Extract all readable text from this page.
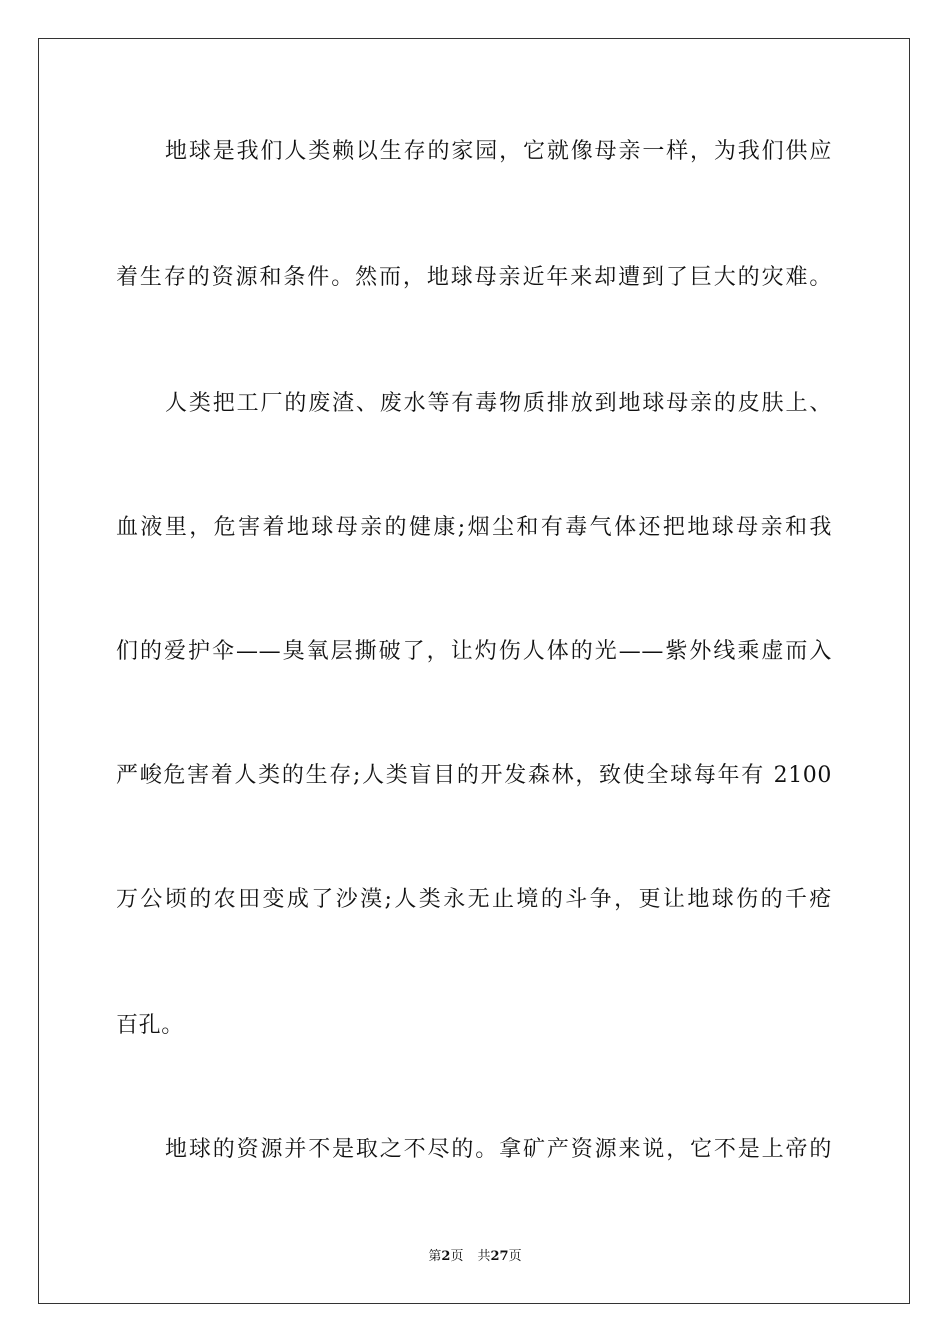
地球是我们人类赖以生存的家园，它就像母亲一样，为我们供应
着生存的资源和条件。然而，地球母亲近年来却遭到了巨大的灾难。
人类把工厂的废渣、废水等有毒物质排放到地球母亲的皮肤上、
血液里，危害着地球母亲的健康;烟尘和有毒气体还把地球母亲和我
们的爱护伞——臭氧层撕破了，让灼伤人体的光——紫外线乘虚而入
严峻危害着人类的生存;人类盲目的开发森林，致使全球每年有 2100
万公顷的农田变成了沙漠;人类永无止境的斗争，更让地球伤的千疮
百孔。
地球的资源并不是取之不尽的。拿矿产资源来说，它不是上帝的
第2页 共27页
